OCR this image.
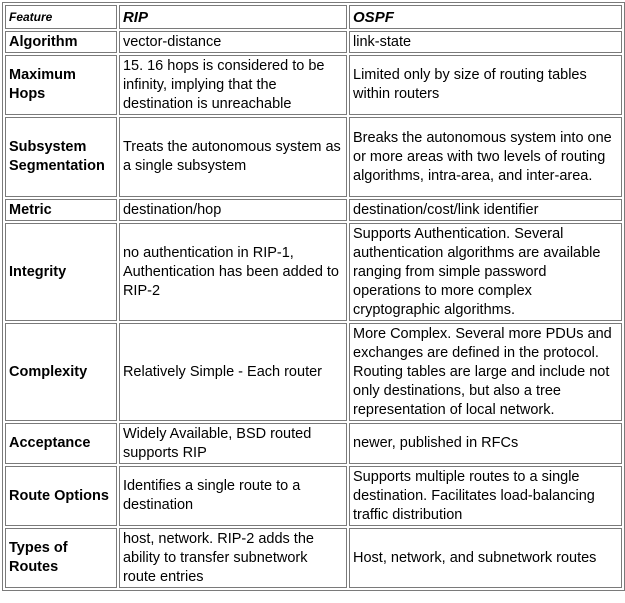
Feature	RIP	OSPF
Algorithm	vector-distance	link-state
Maximum Hops	15. 16 hops is considered to be infinity, implying that the destination is unreachable	Limited only by size of routing tables within routers
Subsystem Segmentation	Treats the autonomous system as a single subsystem	Breaks the autonomous system into one or more areas with two levels of routing algorithms, intra-area, and inter-area.
Metric	destination/hop	destination/cost/link identifier
Integrity	no authentication in RIP-1, Authentication has been added to RIP-2	Supports Authentication. Several authentication algorithms are available ranging from simple password operations to more complex cryptographic algorithms.
Complexity	Relatively Simple - Each router	More Complex. Several more PDUs and exchanges are defined in the protocol. Routing tables are large and include not only destinations, but also a tree representation of local network.
Acceptance	Widely Available, BSD routed supports RIP	newer, published in RFCs
Route Options	Identifies a single route to a destination	Supports multiple routes to a single destination. Facilitates load-balancing traffic distribution
Types of Routes	host, network. RIP-2 adds the ability to transfer subnetwork route entries	Host, network, and subnetwork routes
